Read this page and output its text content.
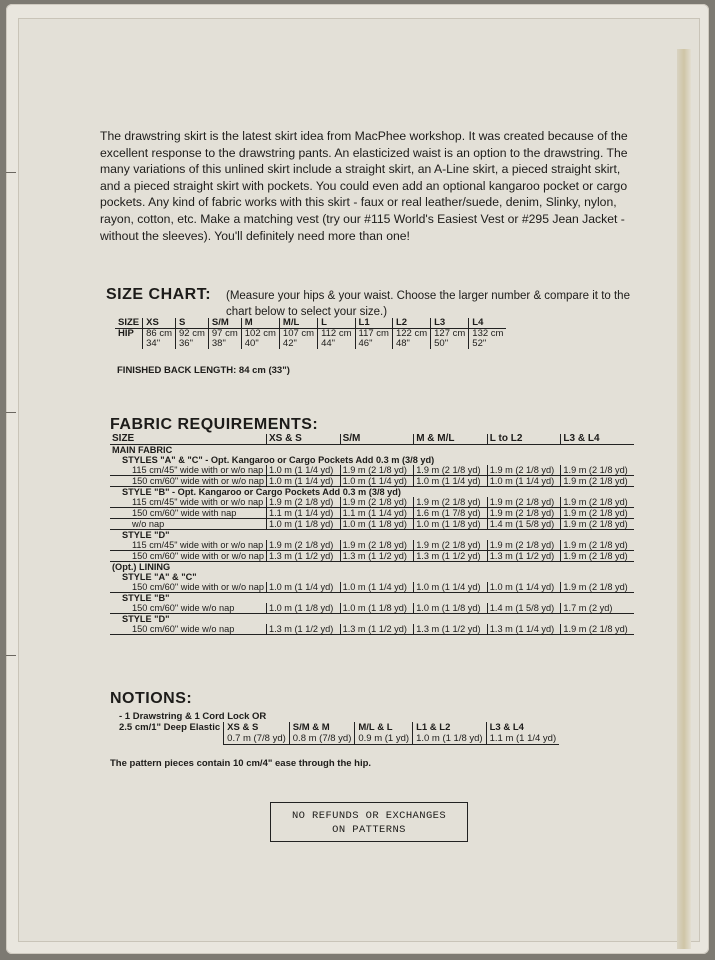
The drawstring skirt is the latest skirt idea from MacPhee workshop. It was created because of the excellent response to the drawstring pants. An elasticized waist is an option to the drawstring. The many variations of this unlined skirt include a straight skirt, an A-Line skirt, a pieced straight skirt, and a pieced straight skirt with pockets. You could even add an optional kangaroo pocket or cargo pockets. Any kind of fabric works with this skirt - faux or real leather/suede, denim, Slinky, nylon, rayon, cotton, etc. Make a matching vest (try our #115 World's Easiest Vest or #295 Jean Jacket - without the sleeves). You'll definitely need more than one!

SIZE CHART: (Measure your hips & your waist. Choose the larger number & compare it to the chart below to select your size.)
SIZE	XS	S	S/M	M	M/L	L	L1	L2	L3	L4
HIP	86 cm	92 cm	97 cm	102 cm	107 cm	112 cm	117 cm	122 cm	127 cm	132 cm
	34"	36"	38"	40"	42"	44"	46"	48"	50"	52"
FINISHED BACK LENGTH: 84 cm (33")
FABRIC REQUIREMENTS:
SIZE	XS & S	S/M	M & M/L	L to L2	L3 & L4
MAIN FABRIC					
STYLES "A" & "C" - Opt. Kangaroo or Cargo Pockets Add 0.3 m (3/8 yd)					
115 cm/45" wide with or w/o nap	1.0 m (1 1/4 yd)	1.9 m (2 1/8 yd)	1.9 m (2 1/8 yd)	1.9 m (2 1/8 yd)	1.9 m (2 1/8 yd)
150 cm/60" wide with or w/o nap	1.0 m (1 1/4 yd)	1.0 m (1 1/4 yd)	1.0 m (1 1/4 yd)	1.0 m (1 1/4 yd)	1.9 m (2 1/8 yd)
STYLE "B" - Opt. Kangaroo or Cargo Pockets Add 0.3 m (3/8 yd)					
115 cm/45" wide with or w/o nap	1.9 m (2 1/8 yd)	1.9 m (2 1/8 yd)	1.9 m (2 1/8 yd)	1.9 m (2 1/8 yd)	1.9 m (2 1/8 yd)
150 cm/60" wide with nap	1.1 m (1 1/4 yd)	1.1 m (1 1/4 yd)	1.6 m (1 7/8 yd)	1.9 m (2 1/8 yd)	1.9 m (2 1/8 yd)
w/o nap	1.0 m (1 1/8 yd)	1.0 m (1 1/8 yd)	1.0 m (1 1/8 yd)	1.4 m (1 5/8 yd)	1.9 m (2 1/8 yd)
STYLE "D"					
115 cm/45" wide with or w/o nap	1.9 m (2 1/8 yd)	1.9 m (2 1/8 yd)	1.9 m (2 1/8 yd)	1.9 m (2 1/8 yd)	1.9 m (2 1/8 yd)
150 cm/60" wide with or w/o nap	1.3 m (1 1/2 yd)	1.3 m (1 1/2 yd)	1.3 m (1 1/2 yd)	1.3 m (1 1/2 yd)	1.9 m (2 1/8 yd)
(Opt.) LINING					
STYLE "A" & "C"					
150 cm/60" wide with or w/o nap	1.0 m (1 1/4 yd)	1.0 m (1 1/4 yd)	1.0 m (1 1/4 yd)	1.0 m (1 1/4 yd)	1.9 m (2 1/8 yd)
STYLE "B"					
150 cm/60" wide w/o nap	1.0 m (1 1/8 yd)	1.0 m (1 1/8 yd)	1.0 m (1 1/8 yd)	1.4 m (1 5/8 yd)	1.7 m (2 yd)
STYLE "D"					
150 cm/60" wide w/o nap	1.3 m (1 1/2 yd)	1.3 m (1 1/2 yd)	1.3 m (1 1/2 yd)	1.3 m (1 1/4 yd)	1.9 m (2 1/8 yd)
NOTIONS:
- 1 Drawstring & 1 Cord Lock OR					
2.5 cm/1" Deep Elastic	XS & S	S/M & M	M/L & L	L1 & L2	L3 & L4
	0.7 m (7/8 yd)	0.8 m (7/8 yd)	0.9 m (1 yd)	1.0 m (1 1/8 yd)	1.1 m (1 1/4 yd)
The pattern pieces contain 10 cm/4" ease through the hip.
NO REFUNDS OR EXCHANGES
ON PATTERNS
